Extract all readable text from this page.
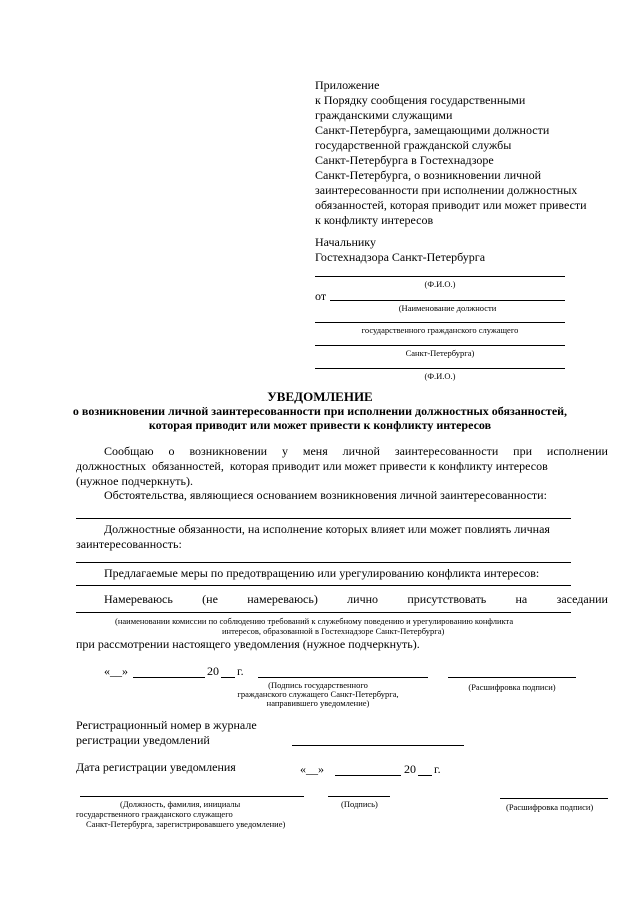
Приложение
к Порядку сообщения государственными
гражданскими служащими
Санкт-Петербурга, замещающими должности
государственной гражданской службы
Санкт-Петербурга в Гостехнадзоре
Санкт-Петербурга, о возникновении личной
заинтересованности при исполнении должностных
обязанностей, которая приводит или может привести
к конфликту интересов
Начальнику
Гостехнадзора Санкт-Петербурга
(Ф.И.О.)
от
(Наименование должности
государственного гражданского служащего
Санкт-Петербурга)
(Ф.И.О.)
УВЕДОМЛЕНИЕ
о возникновении личной заинтересованности при исполнении должностных обязанностей,
которая приводит или может привести к конфликту интересов
Сообщаю о возникновении у меня личной заинтересованности при исполнении
должностных  обязанностей,  которая приводит или может привести к конфликту интересов
(нужное подчеркнуть).
Обстоятельства, являющиеся основанием возникновения личной заинтересованности:
Должностные обязанности, на исполнение которых влияет или может повлиять личная
заинтересованность:
Предлагаемые меры по предотвращению или урегулированию конфликта интересов:
Намереваюсь (не намереваюсь) лично присутствовать на заседании
(наименовании комиссии по соблюдению требований к служебному поведению и урегулированию конфликта
интересов, образованной в Гостехнадзоре Санкт-Петербурга)
при рассмотрении настоящего уведомления (нужное подчеркнуть).
«__»	20 г.
(Подпись государственного
гражданского служащего Санкт-Петербурга,
направившего уведомление)
(Расшифровка подписи)
Регистрационный номер в журнале
регистрации уведомлений
Дата регистрации уведомления	«__»	20 г.
(Должность, фамилия, инициалы
государственного гражданского служащего
Санкт-Петербурга, зарегистрировавшего уведомление)
(Подпись)	(Расшифровка подписи)
